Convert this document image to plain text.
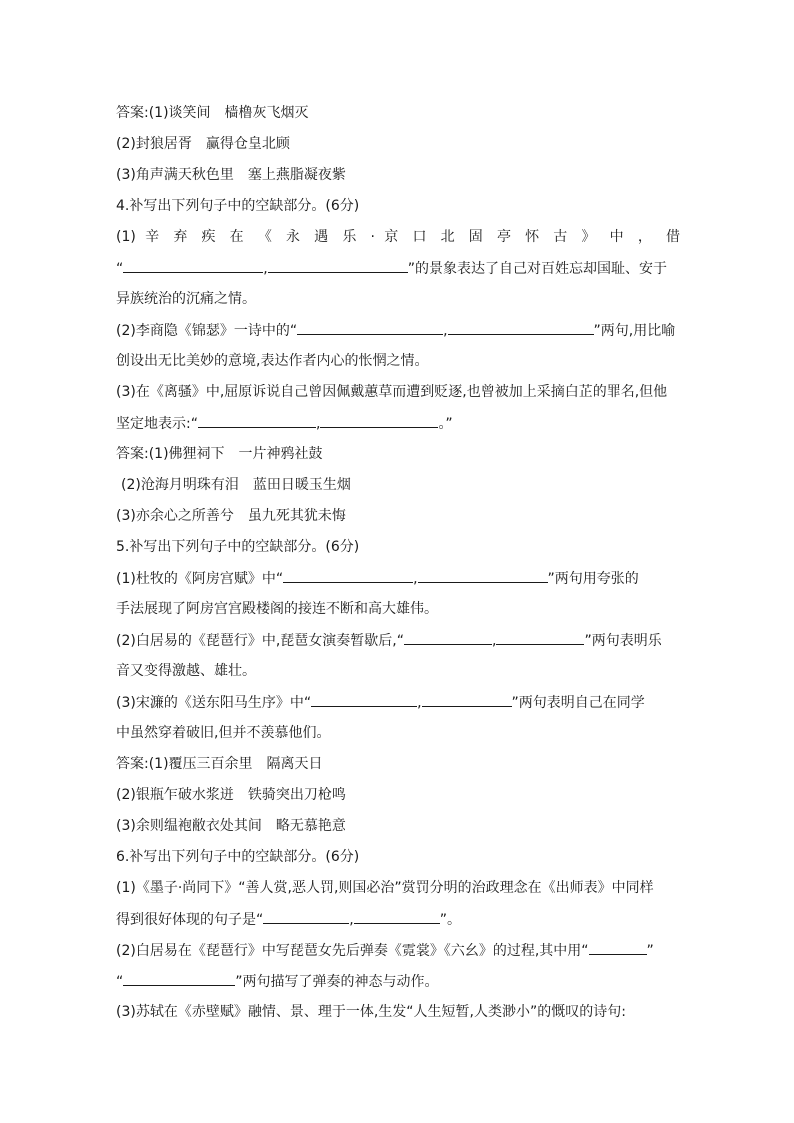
答案:(1)谈笑间　樯橹灰飞烟灭
(2)封狼居胥　赢得仓皇北顾
(3)角声满天秋色里　塞上燕脂凝夜紫
4.补写出下列句子中的空缺部分。(6分)
(1) 辛 弃 疾 在 《 永 遇 乐 · 京 口 北 固 亭 怀 古 》 中 ， 借
“	,	”的景象表达了自己对百姓忘却国耻、安于
异族统治的沉痛之情。
(2)李商隐《锦瑟》一诗中的“	,	”两句,用比喻
创设出无比美妙的意境,表达作者内心的怅惘之情。
(3)在《离骚》中,屈原诉说自己曾因佩戴蕙草而遭到贬逐,也曾被加上采摘白芷的罪名,但他
坚定地表示:“	,	。”
答案:(1)佛狸祠下　一片神鸦社鼓
(2)沧海月明珠有泪　蓝田日暖玉生烟
(3)亦余心之所善兮　虽九死其犹未悔
5.补写出下列句子中的空缺部分。(6分)
(1)杜牧的《阿房宫赋》中“	,	”两句用夸张的
手法展现了阿房宫宫殿楼阁的接连不断和高大雄伟。
(2)白居易的《琵琶行》中,琵琶女演奏暂歇后,“	,	”两句表明乐
音又变得激越、雄壮。
(3)宋濂的《送东阳马生序》中“	,	”两句表明自己在同学
中虽然穿着破旧,但并不羡慕他们。
答案:(1)覆压三百余里　隔离天日
(2)银瓶乍破水浆迸　铁骑突出刀枪鸣
(3)余则缊袍敝衣处其间　略无慕艳意
6.补写出下列句子中的空缺部分。(6分)
(1)《墨子·尚同下》“善人赏,恶人罚,则国必治”赏罚分明的治政理念在《出师表》中同样
得到很好体现的句子是“	,	”。
(2)白居易在《琵琶行》中写琵琶女先后弹奏《霓裳》《六幺》的过程,其中用“	”
“	”两句描写了弹奏的神态与动作。
(3)苏轼在《赤壁赋》融情、景、理于一体,生发“人生短暂,人类渺小”的慨叹的诗句:
